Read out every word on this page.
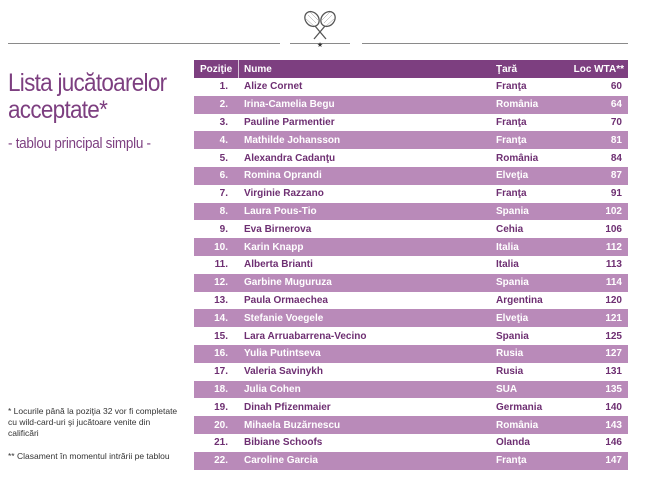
★
Lista jucătoarelor acceptate*
- tablou principal simplu -
* Locurile până la poziţia 32 vor fi completate cu wild-card-uri şi jucătoare venite din calificări
** Clasament în momentul intrării pe tablou
Poziţie	Nume	Ţară	Loc WTA**
1. Alize Cornet	Franţa	60
2. Irina-Camelia Begu	România	64
3. Pauline Parmentier	Franţa	70
4. Mathilde Johansson	Franţa	81
5. Alexandra Cadanţu	România	84
6. Romina Oprandi	Elveţia	87
7. Virginie Razzano	Franţa	91
8. Laura Pous-Tio	Spania	102
9. Eva Birnerova	Cehia	106
10. Karin Knapp	Italia	112
11. Alberta Brianti	Italia	113
12. Garbine Muguruza	Spania	114
13. Paula Ormaechea	Argentina	120
14. Stefanie Voegele	Elveţia	121
15. Lara Arruabarrena-Vecino	Spania	125
16. Yulia Putintseva	Rusia	127
17. Valeria Savinykh	Rusia	131
18. Julia Cohen	SUA	135
19. Dinah Pfizenmaier	Germania	140
20. Mihaela Buzărnescu	România	143
21. Bibiane Schoofs	Olanda	146
22. Caroline Garcia	Franţa	147
